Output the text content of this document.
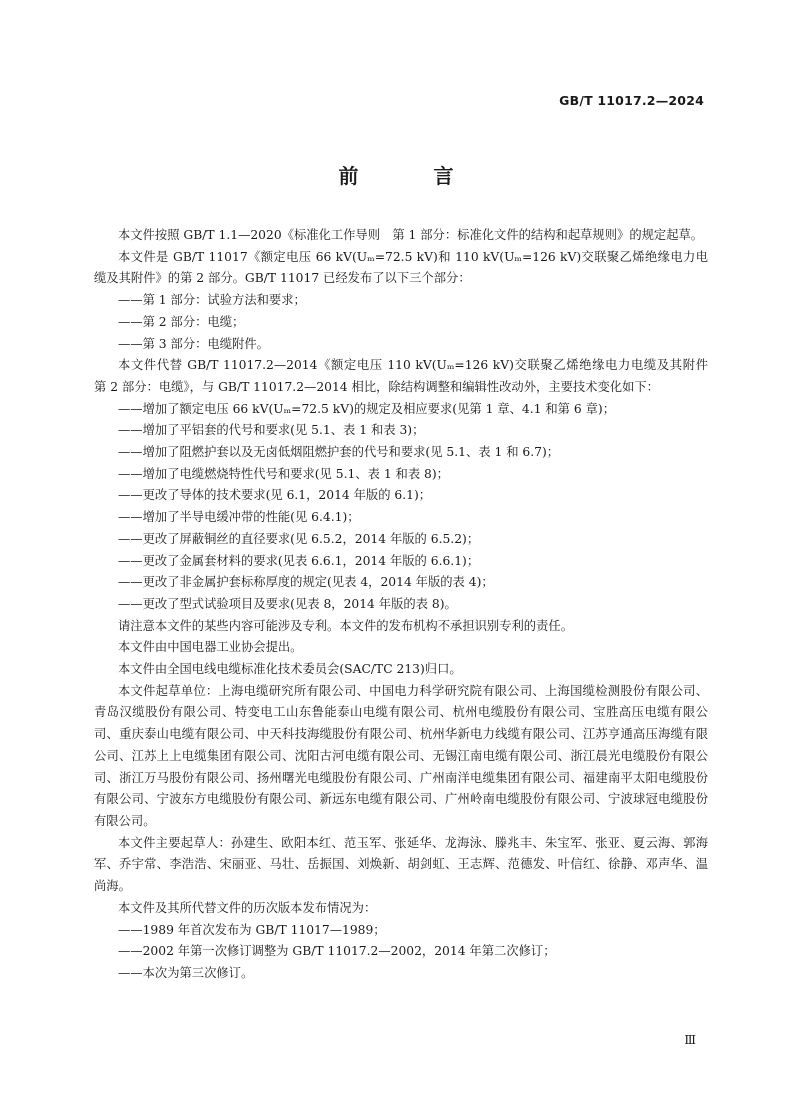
GB/T 11017.2—2024
前 言

本文件按照 GB/T 1.1—2020《标准化工作导则　第 1 部分：标准化文件的结构和起草规则》的规定起草。

本文件是 GB/T 11017《额定电压 66 kV(Uₘ=72.5 kV)和 110 kV(Uₘ=126 kV)交联聚乙烯绝缘电力电缆及其附件》的第 2 部分。GB/T 11017 已经发布了以下三个部分：

——第 1 部分：试验方法和要求；

——第 2 部分：电缆；

——第 3 部分：电缆附件。

本文件代替 GB/T 11017.2—2014《额定电压 110 kV(Uₘ=126 kV)交联聚乙烯绝缘电力电缆及其附件　第 2 部分：电缆》，与 GB/T 11017.2—2014 相比，除结构调整和编辑性改动外，主要技术变化如下：

——增加了额定电压 66 kV(Uₘ=72.5 kV)的规定及相应要求(见第 1 章、4.1 和第 6 章)；

——增加了平铝套的代号和要求(见 5.1、表 1 和表 3)；

——增加了阻燃护套以及无卤低烟阻燃护套的代号和要求(见 5.1、表 1 和 6.7)；

——增加了电缆燃烧特性代号和要求(见 5.1、表 1 和表 8)；

——更改了导体的技术要求(见 6.1，2014 年版的 6.1)；

——增加了半导电缓冲带的性能(见 6.4.1)；

——更改了屏蔽铜丝的直径要求(见 6.5.2，2014 年版的 6.5.2)；

——更改了金属套材料的要求(见表 6.6.1，2014 年版的 6.6.1)；

——更改了非金属护套标称厚度的规定(见表 4，2014 年版的表 4)；

——更改了型式试验项目及要求(见表 8，2014 年版的表 8)。

请注意本文件的某些内容可能涉及专利。本文件的发布机构不承担识别专利的责任。

本文件由中国电器工业协会提出。

本文件由全国电线电缆标准化技术委员会(SAC/TC 213)归口。

本文件起草单位：上海电缆研究所有限公司、中国电力科学研究院有限公司、上海国缆检测股份有限公司、青岛汉缆股份有限公司、特变电工山东鲁能泰山电缆有限公司、杭州电缆股份有限公司、宝胜高压电缆有限公司、重庆泰山电缆有限公司、中天科技海缆股份有限公司、杭州华新电力线缆有限公司、江苏亨通高压海缆有限公司、江苏上上电缆集团有限公司、沈阳古河电缆有限公司、无锡江南电缆有限公司、浙江晨光电缆股份有限公司、浙江万马股份有限公司、扬州曙光电缆股份有限公司、广州南洋电缆集团有限公司、福建南平太阳电缆股份有限公司、宁波东方电缆股份有限公司、新远东电缆有限公司、广州岭南电缆股份有限公司、宁波球冠电缆股份有限公司。

本文件主要起草人：孙建生、欧阳本红、范玉军、张延华、龙海泳、滕兆丰、朱宝军、张亚、夏云海、郭海军、乔宇常、李浩浩、宋丽亚、马壮、岳振国、刘焕新、胡剑虹、王志辉、范德发、叶信红、徐静、邓声华、温尚海。

本文件及其所代替文件的历次版本发布情况为：

——1989 年首次发布为 GB/T 11017—1989；

——2002 年第一次修订调整为 GB/T 11017.2—2002，2014 年第二次修订；

——本次为第三次修订。

Ⅲ
